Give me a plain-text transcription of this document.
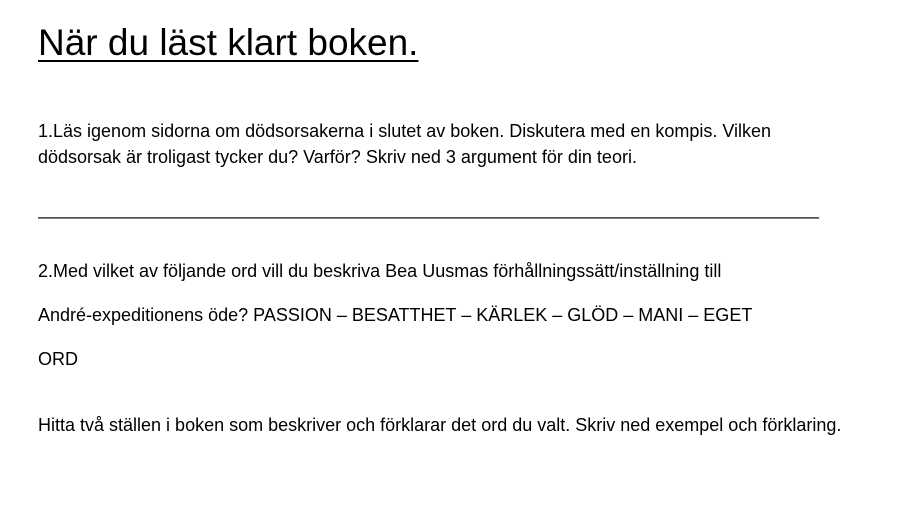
När du läst klart boken.

1.Läs igenom sidorna om dödsorsakerna i slutet av boken. Diskutera med en kompis. Vilken dödsorsak är troligast tycker du? Varför? Skriv ned 3 argument för din teori.

______________________________________________________________________________

2.Med vilket av följande ord vill du beskriva Bea Uusmas förhållningssätt/inställning till

André-expeditionens öde? PASSION – BESATTHET – KÄRLEK – GLÖD – MANI – EGET

ORD

Hitta två ställen i boken som beskriver och förklarar det ord du valt. Skriv ned exempel och förklaring.
